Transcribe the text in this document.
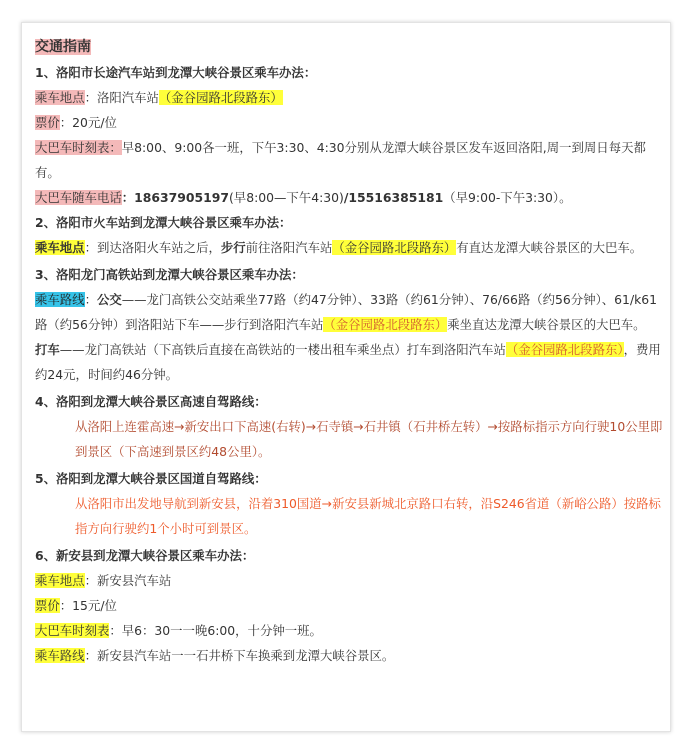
交通指南

1、洛阳市长途汽车站到龙潭大峡谷景区乘车办法：

乘车地点：洛阳汽车站（金谷园路北段路东）

票价：20元/位

大巴车时刻表：早8:00、9:00各一班，下午3:30、4:30分别从龙潭大峡谷景区发车返回洛阳,周一到周日每天都有。

大巴车随车电话：18637905197(早8:00—下午4:30)/15516385181（早9:00-下午3:30）。

2、洛阳市火车站到龙潭大峡谷景区乘车办法：

乘车地点：到达洛阳火车站之后，步行前往洛阳汽车站（金谷园路北段路东）有直达龙潭大峡谷景区的大巴车。

3、洛阳龙门高铁站到龙潭大峡谷景区乘车办法：

乘车路线：公交——龙门高铁公交站乘坐77路（约47分钟）、33路（约61分钟）、76/66路（约56分钟）、61/k61路（约56分钟）到洛阳站下车——步行到洛阳汽车站（金谷园路北段路东）乘坐直达龙潭大峡谷景区的大巴车。

打车——龙门高铁站（下高铁后直接在高铁站的一楼出租车乘坐点）打车到洛阳汽车站（金谷园路北段路东），费用约24元，时间约46分钟。

4、洛阳到龙潭大峡谷景区高速自驾路线：

从洛阳上连霍高速→新安出口下高速(右转)→石寺镇→石井镇（石井桥左转）→按路标指示方向行驶10公里即到景区（下高速到景区约48公里）。

5、洛阳到龙潭大峡谷景区国道自驾路线：

从洛阳市出发地导航到新安县，沿着310国道→新安县新城北京路口右转，沿S246省道（新峪公路）按路标指方向行驶约1个小时可到景区。

6、新安县到龙潭大峡谷景区乘车办法：

乘车地点：新安县汽车站

票价：15元/位

大巴车时刻表：早6：30一一晚6:00，十分钟一班。

乘车路线：新安县汽车站一一石井桥下车换乘到龙潭大峡谷景区。
